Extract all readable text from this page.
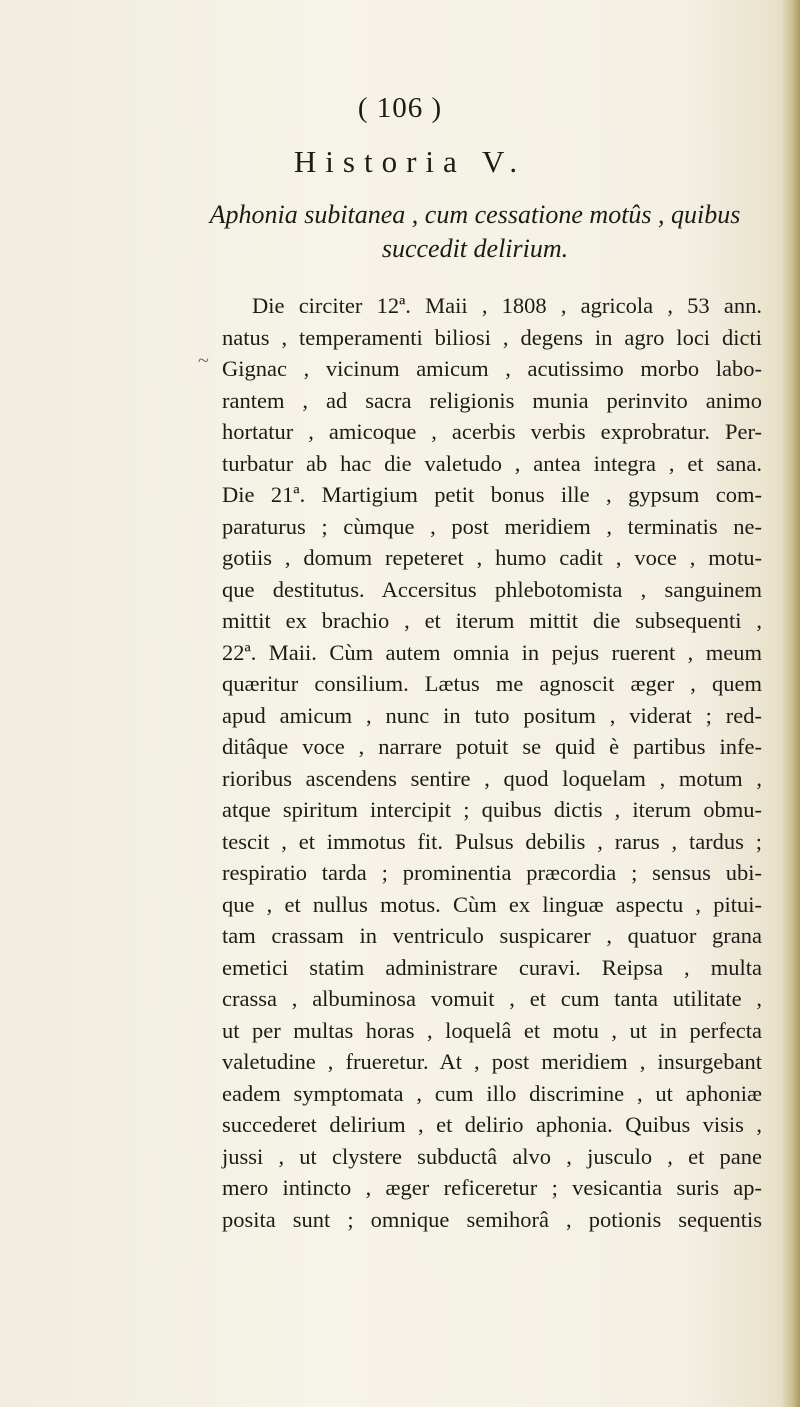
( 106 )
Historia V.
Aphonia subitanea , cum cessatione motûs , quibus
succedit delirium.
~
Die circiter 12ª. Maii , 1808 , agricola , 53 ann.
natus , temperamenti biliosi , degens in agro loci dicti
Gignac , vicinum amicum , acutissimo morbo labo-
rantem , ad sacra religionis munia perinvito animo
hortatur , amicoque , acerbis verbis exprobratur. Per-
turbatur ab hac die valetudo , antea integra , et sana.
Die 21ª. Martigium petit bonus ille , gypsum com-
paraturus ; cùmque , post meridiem , terminatis ne-
gotiis , domum repeteret , humo cadit , voce , motu-
que destitutus. Accersitus phlebotomista , sanguinem
mittit ex brachio , et iterum mittit die subsequenti ,
22ª. Maii. Cùm autem omnia in pejus ruerent , meum
quæritur consilium. Lætus me agnoscit æger , quem
apud amicum , nunc in tuto positum , viderat ; red-
ditâque voce , narrare potuit se quid è partibus infe-
rioribus ascendens sentire , quod loquelam , motum ,
atque spiritum intercipit ; quibus dictis , iterum obmu-
tescit , et immotus fit. Pulsus debilis , rarus , tardus ;
respiratio tarda ; prominentia præcordia ; sensus ubi-
que , et nullus motus. Cùm ex linguæ aspectu , pitui-
tam crassam in ventriculo suspicarer , quatuor grana
emetici statim administrare curavi. Reipsa , multa
crassa , albuminosa vomuit , et cum tanta utilitate ,
ut per multas horas , loquelâ et motu , ut in perfecta
valetudine , frueretur. At , post meridiem , insurgebant
eadem symptomata , cum illo discrimine , ut aphoniæ
succederet delirium , et delirio aphonia. Quibus visis ,
jussi , ut clystere subductâ alvo , jusculo , et pane
mero intincto , æger reficeretur ; vesicantia suris ap-
posita sunt ; omnique semihorâ , potionis sequentis
